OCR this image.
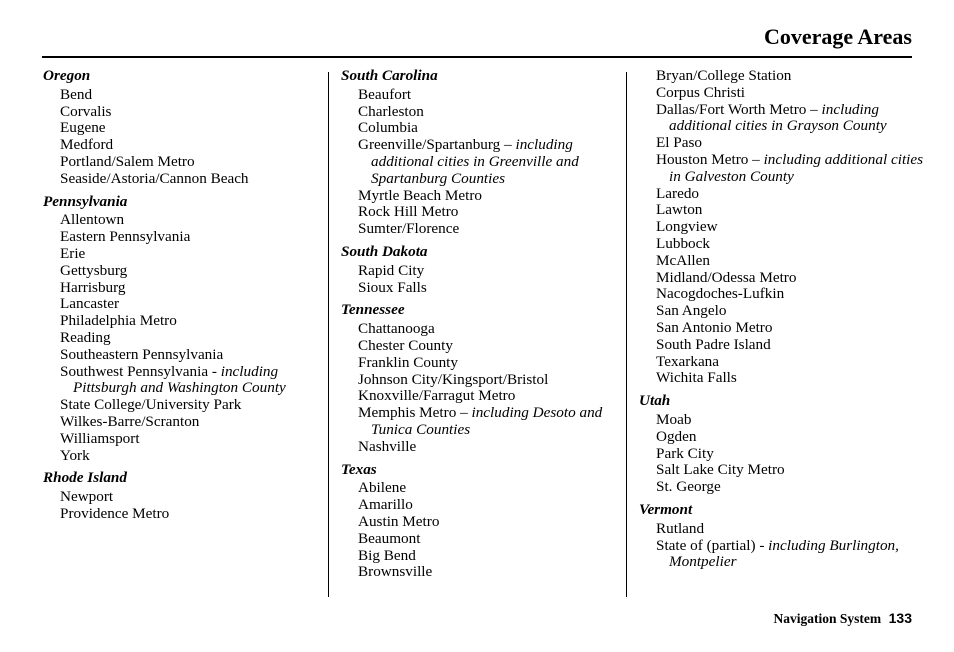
Coverage Areas
Oregon
Bend
Corvalis
Eugene
Medford
Portland/Salem Metro
Seaside/Astoria/Cannon Beach
Pennsylvania
Allentown
Eastern Pennsylvania
Erie
Gettysburg
Harrisburg
Lancaster
Philadelphia Metro
Reading
Southeastern Pennsylvania
Southwest Pennsylvania - including Pittsburgh and Washington County
State College/University Park
Wilkes-Barre/Scranton
Williamsport
York
Rhode Island
Newport
Providence Metro
South Carolina
Beaufort
Charleston
Columbia
Greenville/Spartanburg – including additional cities in Greenville and Spartanburg Counties
Myrtle Beach Metro
Rock Hill Metro
Sumter/Florence
South Dakota
Rapid City
Sioux Falls
Tennessee
Chattanooga
Chester County
Franklin County
Johnson City/Kingsport/Bristol
Knoxville/Farragut Metro
Memphis Metro – including Desoto and Tunica Counties
Nashville
Texas
Abilene
Amarillo
Austin Metro
Beaumont
Big Bend
Brownsville
Bryan/College Station
Corpus Christi
Dallas/Fort Worth Metro – including additional cities in Grayson County
El Paso
Houston Metro – including additional cities in Galveston County
Laredo
Lawton
Longview
Lubbock
McAllen
Midland/Odessa Metro
Nacogdoches-Lufkin
San Angelo
San Antonio Metro
South Padre Island
Texarkana
Wichita Falls
Utah
Moab
Ogden
Park City
Salt Lake City Metro
St. George
Vermont
Rutland
State of (partial) - including Burlington, Montpelier
Navigation System 133
